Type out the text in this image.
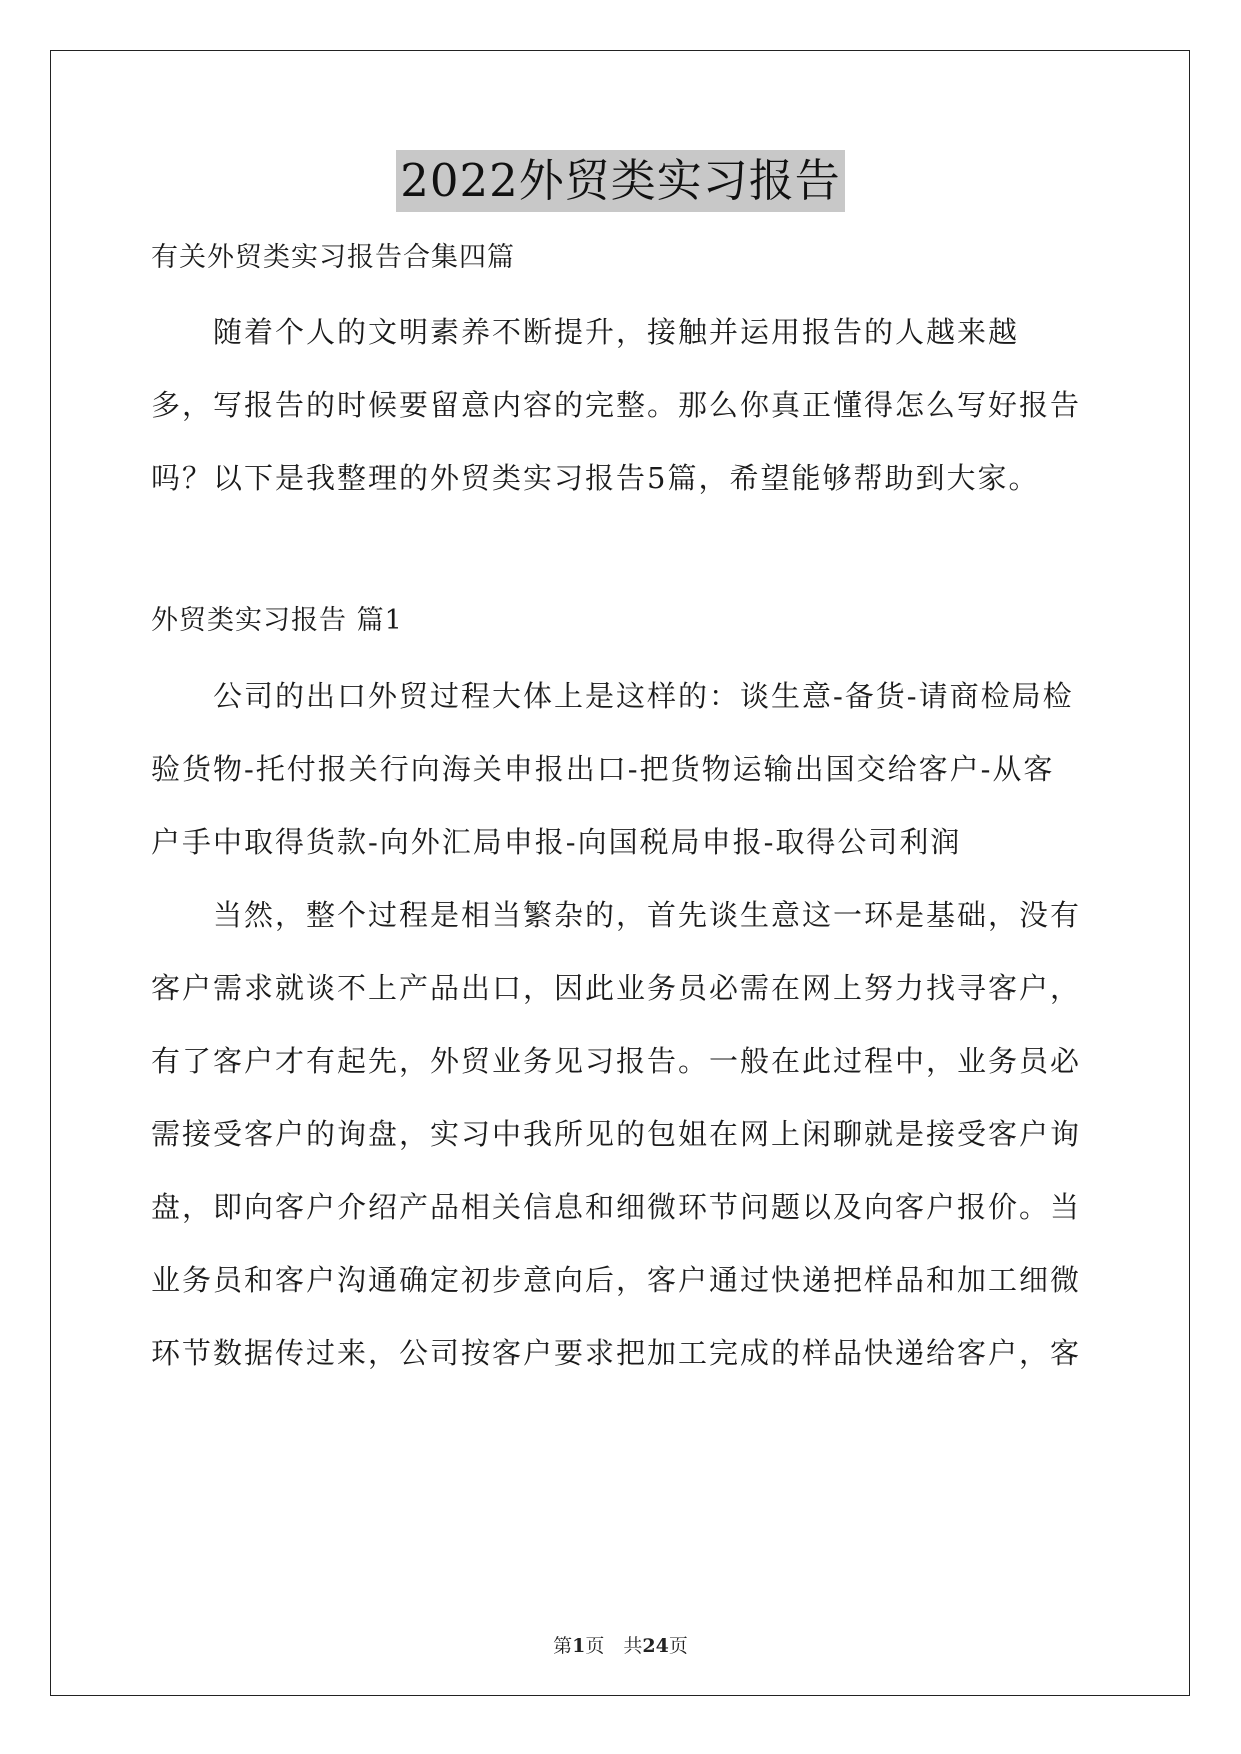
2022外贸类实习报告
有关外贸类实习报告合集四篇
　　随着个人的文明素养不断提升，接触并运用报告的人越来越
多，写报告的时候要留意内容的完整。那么你真正懂得怎么写好报告
吗？以下是我整理的外贸类实习报告5篇，希望能够帮助到大家。
外贸类实习报告 篇1
　　公司的出口外贸过程大体上是这样的：谈生意-备货-请商检局检
验货物-托付报关行向海关申报出口-把货物运输出国交给客户-从客
户手中取得货款-向外汇局申报-向国税局申报-取得公司利润
　　当然，整个过程是相当繁杂的，首先谈生意这一环是基础，没有
客户需求就谈不上产品出口，因此业务员必需在网上努力找寻客户，
有了客户才有起先，外贸业务见习报告。一般在此过程中，业务员必
需接受客户的询盘，实习中我所见的包姐在网上闲聊就是接受客户询
盘，即向客户介绍产品相关信息和细微环节问题以及向客户报价。当
业务员和客户沟通确定初步意向后，客户通过快递把样品和加工细微
环节数据传过来，公司按客户要求把加工完成的样品快递给客户，客
第1页　共24页
